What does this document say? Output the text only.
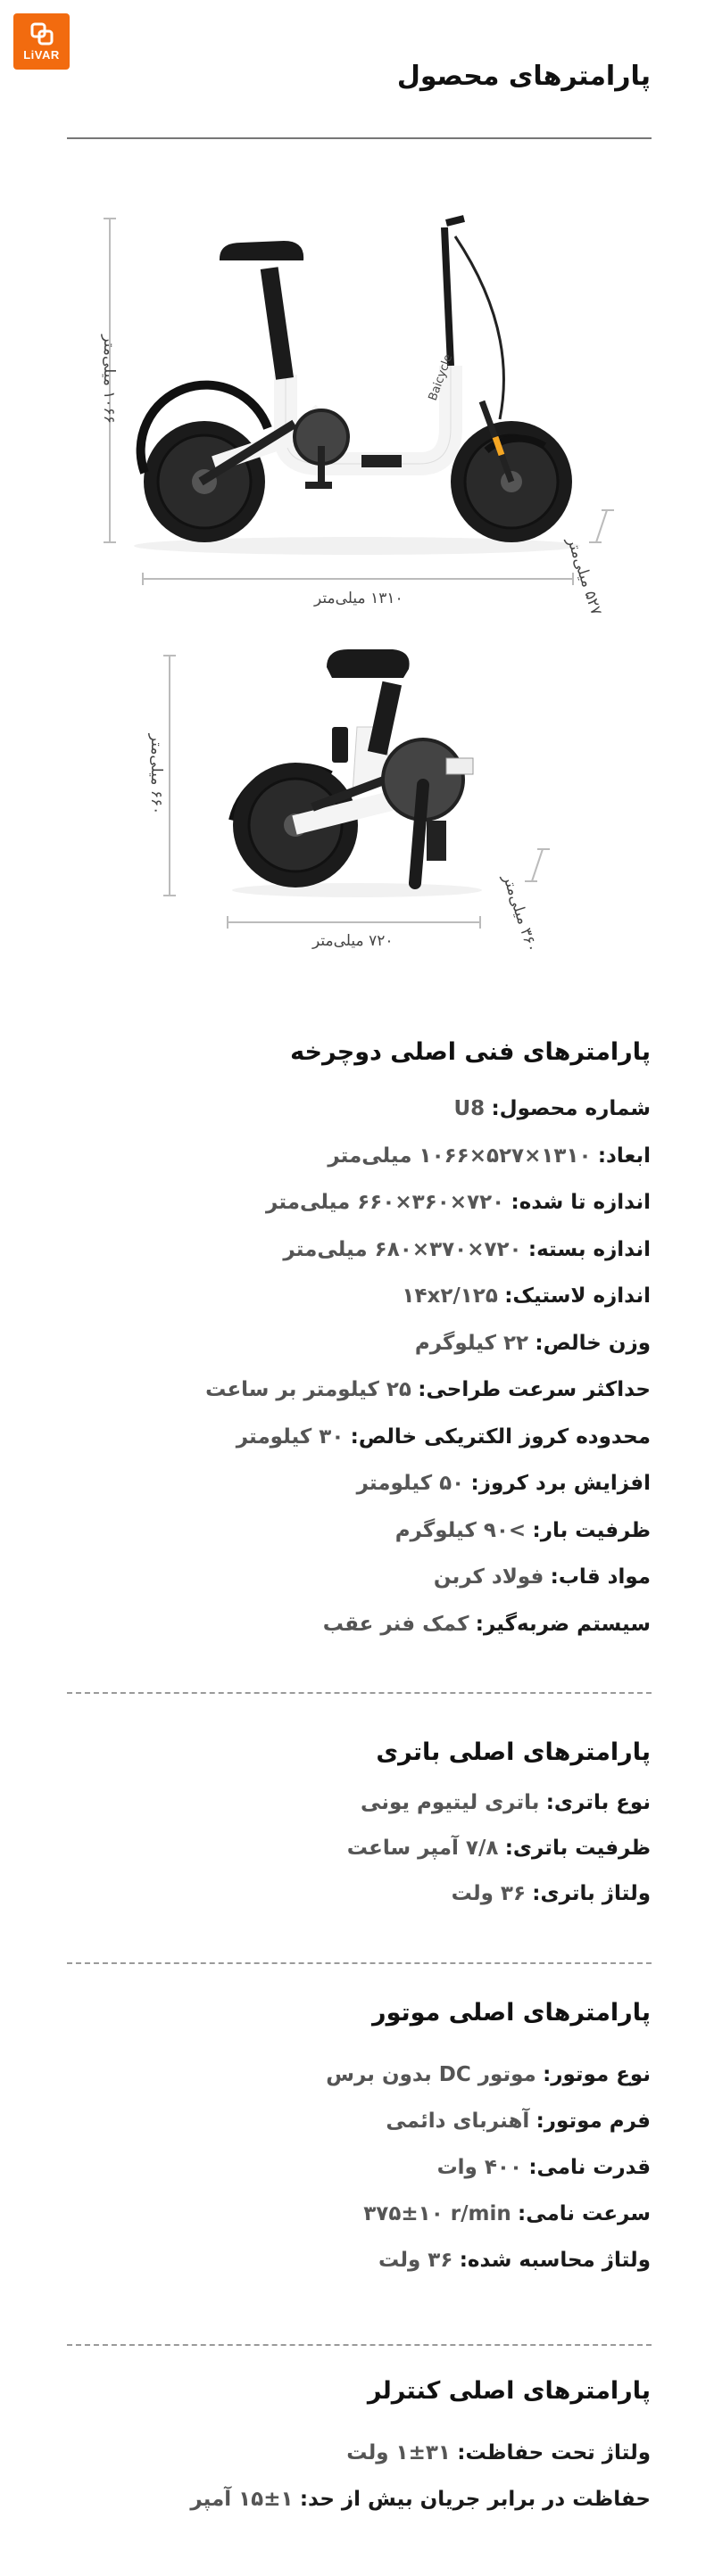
LiVAR
پارامترهای محصول
Baicycle
۱۰۶۶ میلی‌متر
۱۳۱۰ میلی‌متر
۵۲۷ میلی‌متر
۶۶۰ میلی‌متر
۷۲۰ میلی‌متر
۳۶۰ میلی‌متر
پارامترهای فنی اصلی دوچرخه
شماره محصول: U8
ابعاد: ۱۳۱۰×۵۲۷×۱۰۶۶ میلی‌متر
اندازه تا شده: ۷۲۰×۳۶۰×۶۶۰ میلی‌متر
اندازه بسته: ۷۲۰×۳۷۰×۶۸۰ میلی‌متر
اندازه لاستیک: ۱۴x۲/۱۲۵
وزن خالص: ۲۲ کیلوگرم
حداکثر سرعت طراحی: ۲۵ کیلومتر بر ساعت
محدوده کروز الکتریکی خالص: ۳۰ کیلومتر
افزایش برد کروز: ۵۰ کیلومتر
ظرفیت بار: >۹۰ کیلوگرم
مواد قاب: فولاد کربن
سیستم ضربه‌گیر: کمک فنر عقب
پارامترهای اصلی باتری
نوع باتری: باتری لیتیوم یونی
ظرفیت باتری: ۷/۸ آمپر ساعت
ولتاژ باتری: ۳۶ ولت
پارامترهای اصلی موتور
نوع موتور: موتور DC بدون برس
فرم موتور: آهنربای دائمی
قدرت نامی: ۴۰۰ وات
سرعت نامی: ۳۷۵±۱۰ r/min
ولتاژ محاسبه شده: ۳۶ ولت
پارامترهای اصلی کنترلر
ولتاژ تحت حفاظت: ۱±۳۱ ولت
حفاظت در برابر جریان بیش از حد: ۱۵±۱ آمپر
